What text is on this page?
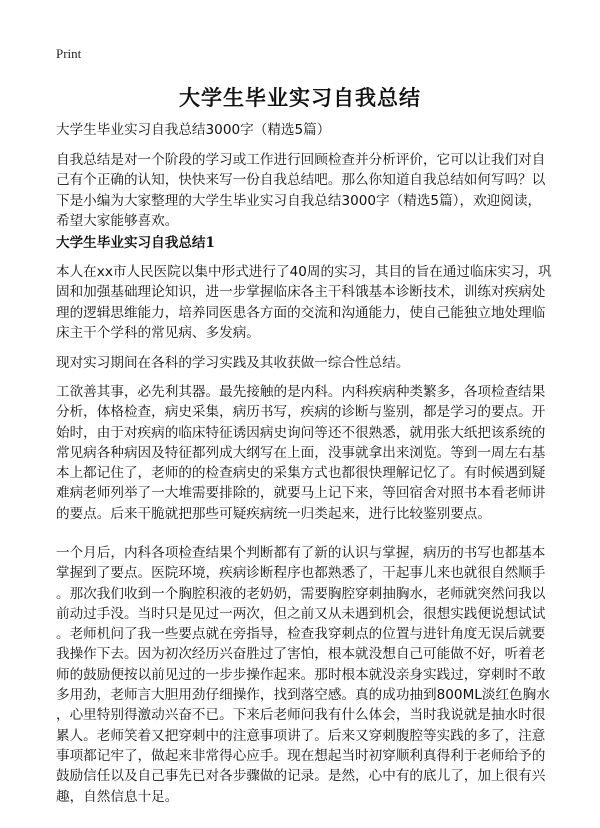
Print
大学生毕业实习自我总结
大学生毕业实习自我总结3000字（精选5篇）
自我总结是对一个阶段的学习或工作进行回顾检查并分析评价，它可以让我们对自
己有个正确的认知，快快来写一份自我总结吧。那么你知道自我总结如何写吗？以
下是小编为大家整理的大学生毕业实习自我总结3000字（精选5篇），欢迎阅读，
希望大家能够喜欢。
大学生毕业实习自我总结1
本人在xx市人民医院以集中形式进行了40周的实习，其目的旨在通过临床实习，巩
固和加强基础理论知识，进一步掌握临床各主干科饿基本诊断技术，训练对疾病处
理的逻辑思维能力，培养同医患各方面的交流和沟通能力，使自己能独立地处理临
床主干个学科的常见病、多发病。
现对实习期间在各科的学习实践及其收获做一综合性总结。
工欲善其事，必先利其器。最先接触的是内科。内科疾病种类繁多，各项检查结果
分析，体格检查，病史采集，病历书写，疾病的诊断与鉴别，都是学习的要点。开
始时，由于对疾病的临床特征诱因病史询问等还不很熟悉，就用张大纸把该系统的
常见病各种病因及特征都列成大纲写在上面，没事就拿出来浏览。等到一周左右基
本上都记住了，老师的的检查病史的采集方式也都很快理解记忆了。有时候遇到疑
难病老师列举了一大堆需要排除的，就要马上记下来，等回宿舍对照书本看老师讲
的要点。后来干脆就把那些可疑疾病统一归类起来，进行比较鉴别要点。
一个月后，内科各项检查结果个判断都有了新的认识与掌握，病历的书写也都基本
掌握到了要点。医院环境，疾病诊断程序也都熟悉了，干起事儿来也就很自然顺手
。那次我们收到一个胸腔积液的老奶奶，需要胸腔穿刺抽胸水，老师就突然问我以
前动过手没。当时只是见过一两次，但之前又从未遇到机会，很想实践便说想试试
。老师机问了我一些要点就在旁指导，检查我穿刺点的位置与进针角度无误后就要
我操作下去。因为初次经历兴奋胜过了害怕，根本就没想自己可能做不好，听着老
师的鼓励便按以前见过的一步步操作起来。那时根本就没亲身实践过，穿刺时不敢
多用劲，老师言大胆用劲仔细操作，找到落空感。真的成功抽到800ML淡红色胸水
，心里特别得激动兴奋不已。下来后老师问我有什么体会，当时我说就是抽水时很
累人。老师笑着又把穿刺中的注意事项讲了。后来又穿刺腹腔等实践的多了，注意
事项都记牢了，做起来非常得心应手。现在想起当时初穿顺利真得利于老师给予的
鼓励信任以及自己事先已对各步骤做的记录。是然，心中有的底儿了，加上很有兴
趣，自然信息十足。
